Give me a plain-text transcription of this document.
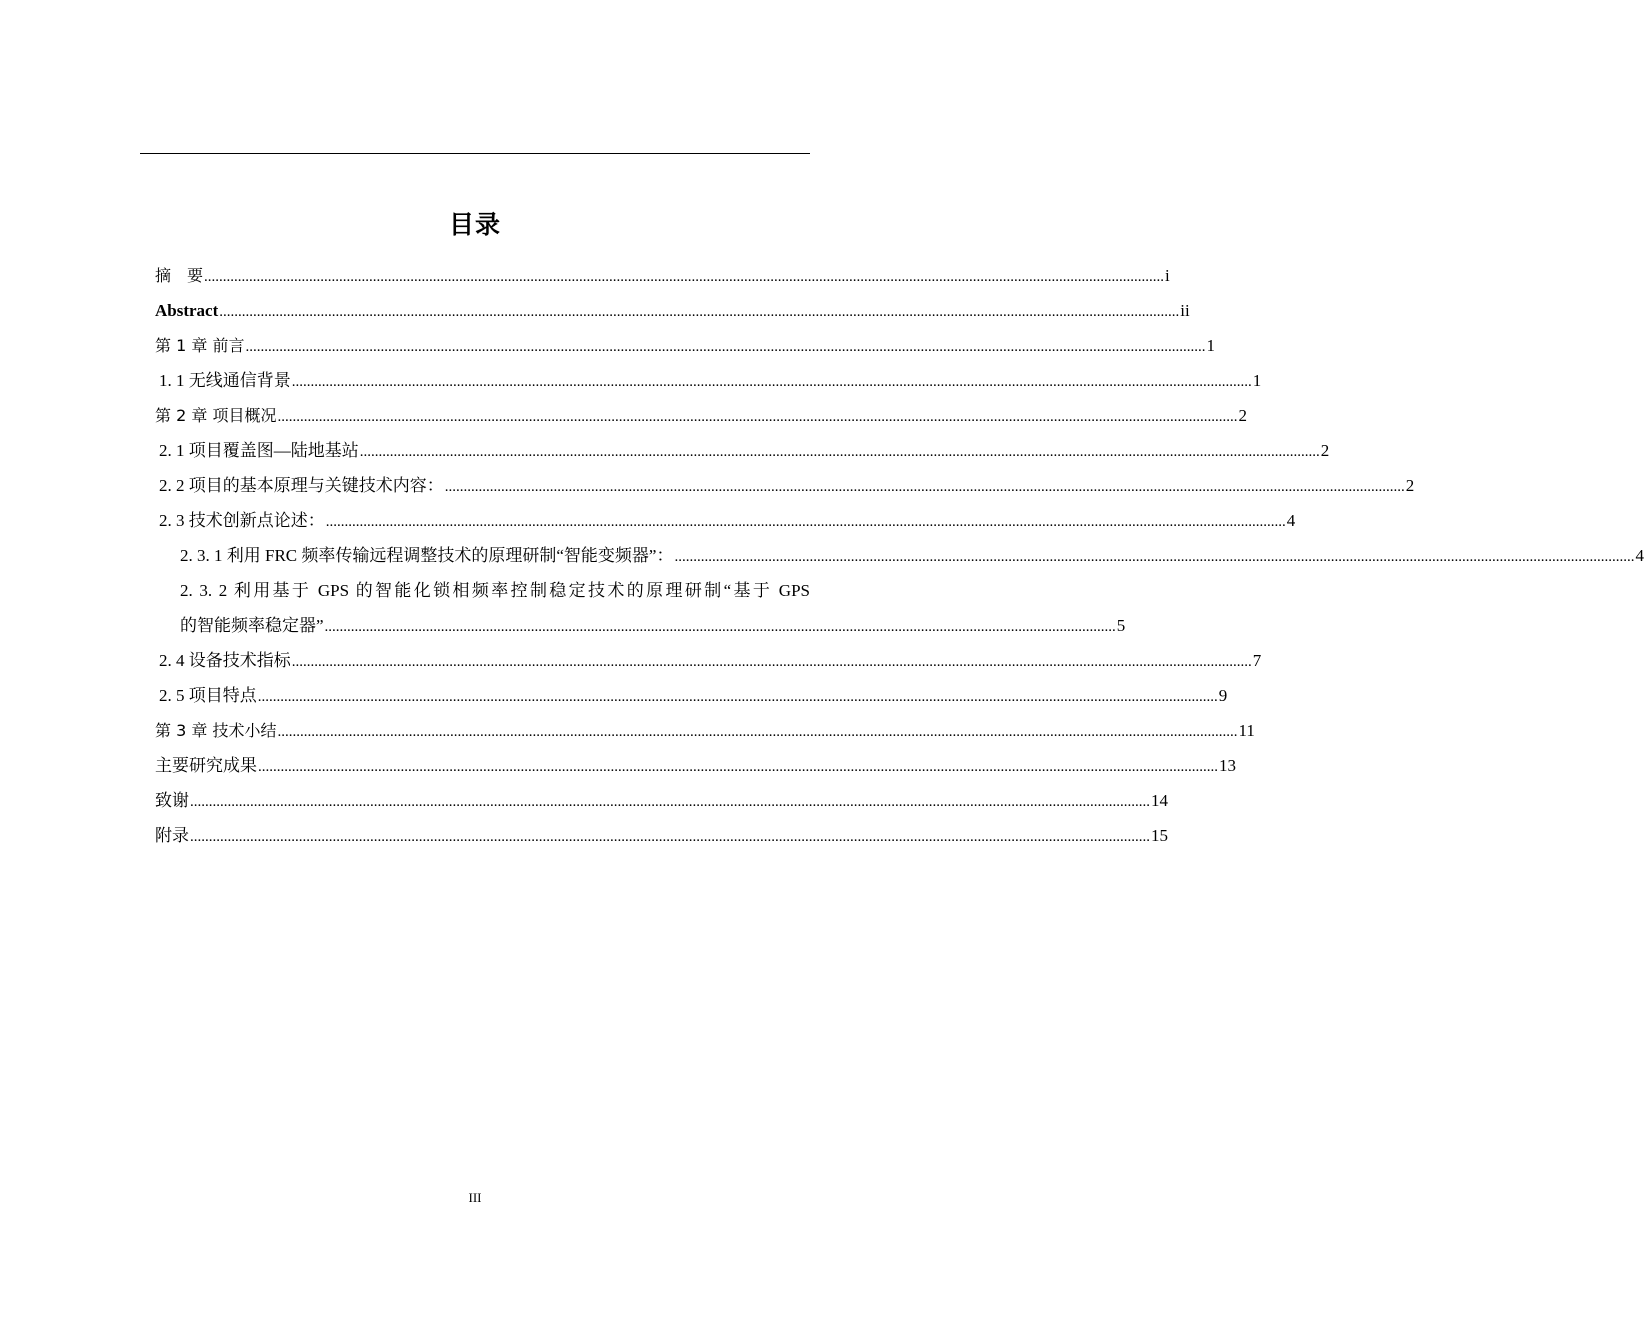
目录
摘　要 .....	i
Abstract .....	ii
第 1 章 前言 .....	1
1. 1 无线通信背景 .....	1
第 2 章 项目概况 .....	2
2. 1 项目覆盖图—陆地基站 .....	2
2. 2 项目的基本原理与关键技术内容： .....	2
2. 3 技术创新点论述： .....	4
2. 3. 1 利用 FRC 频率传输远程调整技术的原理研制“智能变频器”： .....	4
2. 3. 2 利用基于 GPS 的智能化锁相频率控制稳定技术的原理研制“基于 GPS
的智能频率稳定器” ................................................................................................................................................................................................................... 5
2. 4 设备技术指标 .....	7
2. 5 项目特点 .....	9
第 3 章 技术小结 .....	11
主要研究成果 .....	13
致谢 .....	14
附录 .....	15
III
